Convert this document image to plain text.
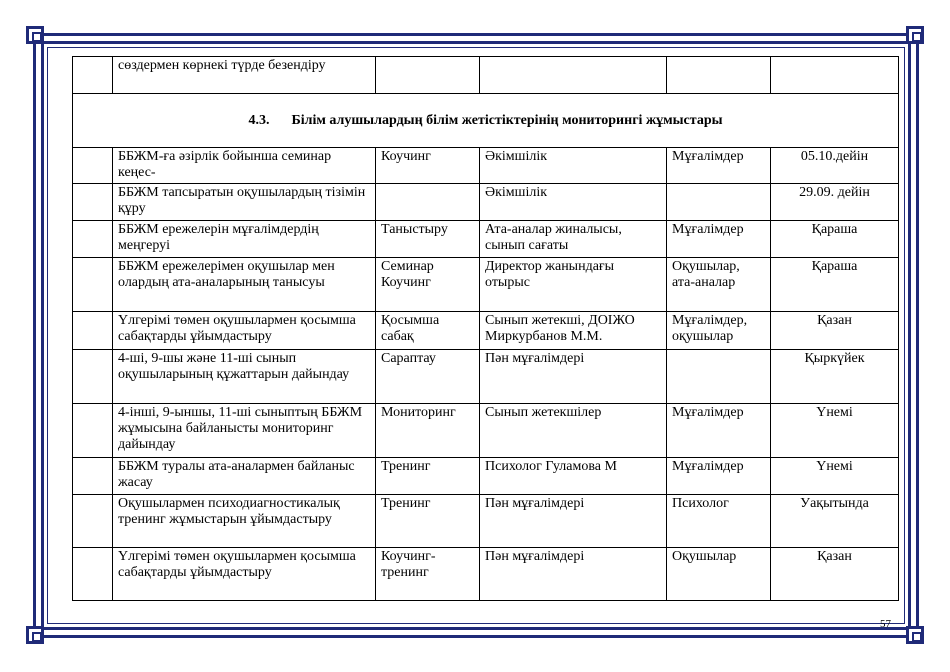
	сөздермен көрнекі түрде безендіру				
4.3. Білім алушылардың білім жетістіктерінің мониторингі жұмыстары					
	ББЖМ-ға әзірлік бойынша семинар кеңес-	Коучинг	Әкімшілік	Мұғалімдер	05.10.дейін
	ББЖМ тапсыратын оқушылардың тізімін құру		Әкімшілік		29.09. дейін
	ББЖМ ережелерін мұғалімдердің меңгеруі	Таныстыру	Ата-аналар жиналысы, сынып сағаты	Мұғалімдер	Қараша
	ББЖМ ережелерімен оқушылар мен олардың ата-аналарының танысуы	Семинар Коучинг	Директор жанындағы отырыс	Оқушылар, ата-аналар	Қараша
	Үлгерімі төмен оқушылармен қосымша сабақтарды ұйымдастыру	Қосымша сабақ	Сынып жетекші, ДОІЖО Миркурбанов М.М.	Мұғалімдер, оқушылар	Қазан
	4-ші, 9-шы және 11-ші сынып оқушыларының құжаттарын дайындау	Сараптау	Пән мұғалімдері		Қыркүйек
	4-інші, 9-ыншы, 11-ші сыныптың ББЖМ жұмысына байланысты мониторинг дайындау	Мониторинг	Сынып жетекшілер	Мұғалімдер	Үнемі
	ББЖМ туралы ата-аналармен байланыс жасау	Тренинг	Психолог Гуламова М	Мұғалімдер	Үнемі
	Оқушылармен психодиагностикалық тренинг жұмыстарын ұйымдастыру	Тренинг	Пән мұғалімдері	Психолог	Уақытында
	Үлгерімі төмен оқушылармен қосымша сабақтарды ұйымдастыру	Коучинг-тренинг	Пән мұғалімдері	Оқушылар	Қазан
57
